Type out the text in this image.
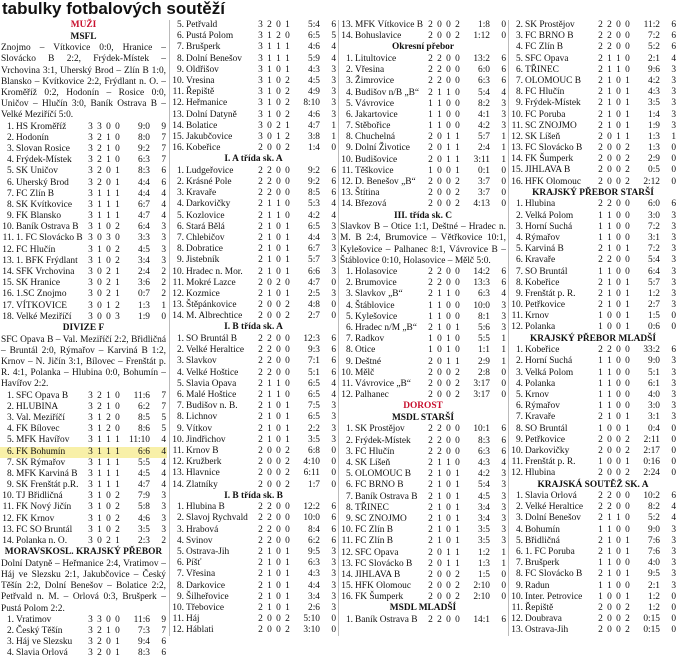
tabulky fotbalových soutěží
MUŽI
MSFL
Znojmo – Vítkovice 0:0, Hranice – Slovácko B 2:2, Frýdek-Místek – Vrchovina 3:1, Uherský Brod – Zlín B 1:0, Blansko – Kvítkovice 2:2, Frýdlant n. O. – Kroměříž 0:2, Hodonín – Rosice 0:0, Uničov – Hlučín 3:0, Baník Ostrava B – Velké Meziříčí 5:0.
1. HS Kroměříž	3 3 0 0	9:0	9
2. Hodonín	3 2 1 0	8:0	7
3. Slovan Rosice	3 2 1 0	9:2	7
4. Frýdek-Místek	3 2 1 0	6:3	7
5. SK Uničov	3 2 0 1	8:3	6
6. Uherský Brod	3 2 0 1	4:4	6
7. FC Zlín B	3 1 1 1	4:4	4
8. SK Kvítkovice	3 1 1 1	6:7	4
9. FK Blansko	3 1 1 1	4:7	4
10. Baník Ostrava B	3 1 0 2	6:4	3
11. 1. FC Slovácko B 3 0 3 0	3:3	3
12. FC Hlučín	3 1 0 2	4:5	3
13. 1. BFK Frýdlant	3 1 0 2	3:4	3
14. SFK Vrchovina	3 0 2 1	2:4	2
15. SK Hranice	3 0 2 1	3:6	2
16. 1.SC Znojmo	3 0 2 1	0:7	2
17. VÍTKOVICE	3 0 1 2	1:3	1
18. Velké Meziříčí	3 0 0 3	1:9	0
DIVIZE F
SFC Opava B – Val. Meziříčí 2:2, Břidličná – Bruntál 2:0, Rýmařov – Karviná B 1:2, Krnov – N. Jičín 3:1, Bílovec – Frenštát p. R. 4:1, Polanka – Hlubina 0:0, Bohumín – Havířov 2:2.
1. SFC Opava B	3 2 1 0	11:6	7
2. HLUBINA	3 2 1 0	6:2	7
3. Val. Meziříčí	3 1 2 0	8:5	5
4. FK Bílovec	3 1 2 0	8:6	5
5. MFK Havířov	3 1 1 1 11:10	4
6. FK Bohumín	3 1 1 1	6:6	4
7. SK Rýmařov	3 1 1 1	5:5	4
8. MFK Karviná B	3 1 1 1	4:5	4
9. SK Frenštát p.R.	3 1 1 1	4:7	4
10. TJ Břidličná	3 1 0 2	7:9	3
11. FK Nový Jičín	3 1 0 2	5:8	3
12. FK Krnov	3 1 0 2	4:6	3
13. FC SO Bruntál	3 1 0 2	3:5	3
14. Polanka n. O.	3 0 2 1	2:3	2
MORAVSKOSL. KRAJSKÝ PŘEBOR
Dolní Datyně – Heřmanice 2:4, Vratimov – Háj ve Slezsku 2:1, Jakubčovice – Český Těšín 2:2, Dolní Benešov – Bolatice 2:2, Petřvald n. M. – Orlová 0:3, Brušperk – Pustá Polom 2:2.
1. Vratimov	3 3 0 0	11:6	9
2. Český Těšín	3 2 1 0	7:3	7
3. Háj ve Slezsku	3 2 0 1	9:4	6
4. Slavia Orlová	3 2 0 1	8:3	6
5. Petřvald	3 2 0 1	5:4	6
6. Pustá Polom	3 1 2 0	6:5	5
7. Brušperk	3 1 1 1	4:6	4
8. Dolní Benešov	3 1 1 1	5:9	4
9. Oldřišov	3 1 0 1	4:3	3
10. Vresina	3 1 0 2	4:5	3
11. Řepiště	3 1 0 2	4:9	3
12. Heřmanice	3 1 0 2	8:10	3
13. Dolní Datyně	3 1 0 2	4:6	3
14. Bolatice	3 0 2 1	4:7	1
15. Jakubčovice	3 0 1 2	3:8	1
16. Kobeřice	2 0 0 2	1:4	0
I. A třída sk. A
1. Ludgeřovice	2 2 0 0	9:2	6
2. Krásné Pole	2 2 0 0	9:2	6
3. Kravaře	2 2 0 0	8:5	6
4. Darkovičky	2 1 1 0	5:3	4
5. Kozlovice	2 1 1 0	4:2	4
6. Stará Bělá	2 1 0 1	6:5	3
7. Chlebičov	2 1 0 1	4:4	3
8. Dobratice	2 1 0 1	6:7	3
9. Jistebník	2 1 0 1	5:7	3
10. Hradec n. Mor.	2 1 0 1	6:6	3
11. Mokré Lazce	2 0 2 0	4:7	0
12. Kozmice	2 1 0 1	2:5	3
13. Štěpánkovice	2 0 0 2	4:8	0
14. M. Albrechtice	2 0 0 2	2:7	0
I. B třída sk. A
1. SO Bruntál B	2 2 0 0	12:3	6
2. Velké Heraltice	2 2 0 0	9:3	6
3. Slavkov	2 2 0 0	7:1	6
4. Velké Hoštice	2 2 0 0	5:1	6
5. Slavia Opava	2 1 1 0	6:5	4
6. Malé Hoštice	2 1 1 0	6:5	4
7. Budišov n. B.	2 1 0 1	7:5	3
8. Lichnov	2 1 0 1	6:5	3
9. Vítkov	2 1 0 1	2:2	3
10. Jindřichov	2 1 0 1	3:5	3
11. Krnov B	2 0 0 2	6:8	0
12. Kružberk	2 0 0 2	4:10	0
13. Hlavnice	2 0 0 2	6:11	0
14. Zlatníky	2 0 0 2	1:7	0
I. B třída sk. B
1. Hlubina B	2 2 0 0	12:2	6
2. Slavoj Rychvald	2 2 0 0	10:0	6
3. Hrabová	2 2 0 0	8:4	6
4. Svinov	2 2 0 0	6:2	6
5. Ostrava-Jih	2 1 0 1	9:5	3
6. Píšť	2 1 0 1	6:3	3
7. Vřesina	2 1 0 1	4:3	3
8. Darkovice	2 1 0 1	4:4	3
9. Šilheřovice	2 1 0 1	3:4	3
10. Třebovice	2 1 0 1	2:6	3
11. Háj	2 0 0 2	5:10	0
12. Háblati	2 0 0 2	3:10	0
13. MFK Vítkovice B 2 0 0 2	1:8	0
14. Bohuslavice	2 0 0 2	1:12	0
Okresní přebor
1. Litultovice	2 2 0 0	13:2	6
2. Vřesina	2 2 0 0	6:0	6
3. Žimrovice	2 2 0 0	6:3	6
4. Budišov n/B „B“ 2 1 1 0	5:4	4
5. Vávrovice	1 1 0 0	8:2	3
6. Jakartovice	1 1 0 0	4:1	3
7. Stěbořice	1 1 0 0	4:2	3
8. Chuchelná	2 0 1 1	5:7	1
9. Dolní Životice	2 0 1 1	2:4	1
10. Budišovice	2 0 1 1	3:11	1
11. Těškovice	1 0 0 1	0:1	0
12. D. Benešov „B“	2 0 0 2	3:7	0
13. Štítina	2 0 0 2	3:7	0
14. Březová	2 0 0 2	4:13	0
III. třída sk. C
Slavkov B – Otice 1:1, Deštné – Hradec n. M. B 2:4, Brumovice – Větřkovice 10:1, Kylešovice – Palhanec 8:1, Vávrovice B – Štáblovice 0:10, Holasovice – Mělč 5:0.
1. Holasovice	2 2 0 0	14:2	6
2. Brumovice	2 2 0 0	13:3	6
3. Slavkov „B“	2 1 1 0	6:3	4
4. Štáblovice	1 1 0 0	10:0	3
5. Kylešovice	1 1 0 0	8:1	3
6. Hradec n/M „B“	2 1 0 1	5:6	3
7. Radkov	1 0 1 0	5:5	1
8. Otice	1 0 1 0	1:1	1
9. Deštné	2 0 1 1	2:9	1
10. Mělč	2 0 0 2	2:8	0
11. Vávrovice „B“	2 0 0 2	3:17	0
12. Palhanec	2 0 0 2	3:17	0
DOROST
MSDL STARŠÍ
1. SK Prostějov	2 2 0 0	10:1	6
2. Frýdek-Místek	2 2 0 0	8:3	6
3. FC Hlučín	2 2 0 0	6:3	6
4. SK Líšeň	2 1 1 0	4:3	4
5. OLOMOUC B	2 1 0 1	4:2	3
6. FC BRNO B	2 1 0 1	5:4	3
7. Baník Ostrava B	2 1 0 1	4:5	3
8. TŘINEC	2 1 0 1	3:4	3
9. SC ZNOJMO	2 1 0 1	3:4	3
10. FC Zlín B	2 1 0 1	3:5	3
11. FC Zlín B	2 1 0 1	3:5	3
12. SFC Opava	2 0 1 1	1:2	1
13. FC Slovácko B	2 0 1 1	1:3	1
14. JIHLAVA B	2 0 0 2	1:5	0
15. HFK Olomouc	2 0 0 2	2:10	0
16. FK Šumperk	2 0 0 2	2:10	0
MSDL MLADŠÍ
1. Baník Ostrava B	2 2 0 0	14:1	6
2. SK Prostějov	2 2 0 0	11:2	6
3. FC BRNO B	2 2 0 0	7:2	6
4. FC Zlín B	2 2 0 0	5:2	6
5. SFC Opava	2 1 1 0	2:1	4
6. TŘINEC	2 1 1 0	9:6	3
7. OLOMOUC B	2 1 0 1	4:2	3
8. FC Hlučín	2 1 0 1	4:3	3
9. Frýdek-Místek	2 1 0 1	3:5	3
10. FC Poruba	2 1 0 1	1:4	3
11. SC ZNOJMO	2 1 0 1	1:9	3
12. SK Líšeň	2 0 1 1	1:3	1
13. FC Slovácko B	2 0 0 2	1:3	0
14. FK Šumperk	2 0 0 2	2:9	0
15. JIHLAVA B	2 0 0 2	0:5	0
16. HFK Olomouc	2 0 0 2	2:12	0
KRAJSKÝ PŘEBOR STARŠÍ
1. Hlubina	2 2 0 0	6:0	6
2. Velká Polom	1 1 0 0	3:0	3
3. Horní Suchá	1 1 0 0	7:2	3
4. Rýmařov	1 1 0 0	3:1	3
5. Karviná B	2 1 0 1	7:2	3
6. Kravaře	2 2 0 0	5:4	3
7. SO Bruntál	1 1 0 0	6:4	3
8. Kobeřice	2 1 0 1	5:7	3
9. Frenštát p. R.	2 1 0 1	1:2	3
10. Petřkovice	2 1 0 1	2:7	3
11. Krnov	1 0 0 1	1:5	0
12. Polanka	1 0 0 1	0:6	0
KRAJSKÝ PŘEBOR MLADŠÍ
1. Kobeřice	2 2 0 0	33:2	6
2. Horní Suchá	1 1 0 0	9:0	3
3. Velká Polom	1 1 0 0	5:1	3
4. Polanka	1 1 0 0	6:1	3
5. Krnov	1 1 0 0	4:0	3
6. Rýmařov	1 1 0 0	3:0	3
7. Kravaře	2 1 0 1	3:1	3
8. SO Bruntál	1 0 0 1	0:4	0
9. Petřkovice	2 0 0 2	2:11	0
10. Darkovičky	2 0 0 2	2:17	0
11. Frenštát p. R.	1 0 0 1	0:16	0
12. Hlubina	2 0 0 2	2:24	0
KRAJSKÁ SOUTĚŽ SK. A
1. Slavia Orlová	2 2 0 0	10:2	6
2. Velké Heraltice	2 2 0 0	8:2	4
3. Dolní Benešov	2 1 1 0	5:2	4
4. Bohumín	1 1 0 0	9:0	3
5. Břidličná	2 1 0 1	7:6	3
6. 1. FC Poruba	2 1 0 1	7:6	3
7. Brušperk	1 1 0 0	4:0	3
8. FC Slovácko B	2 1 0 1	9:5	3
9. Radun	1 1 0 0	2:1	3
10. Inter. Petrovice	1 0 0 1	1:2	0
11. Řepiště	2 0 0 2	1:2	0
12. Doubrava	2 0 0 2	0:15	0
13. Ostrava-Jih	2 0 0 2	0:15	0
